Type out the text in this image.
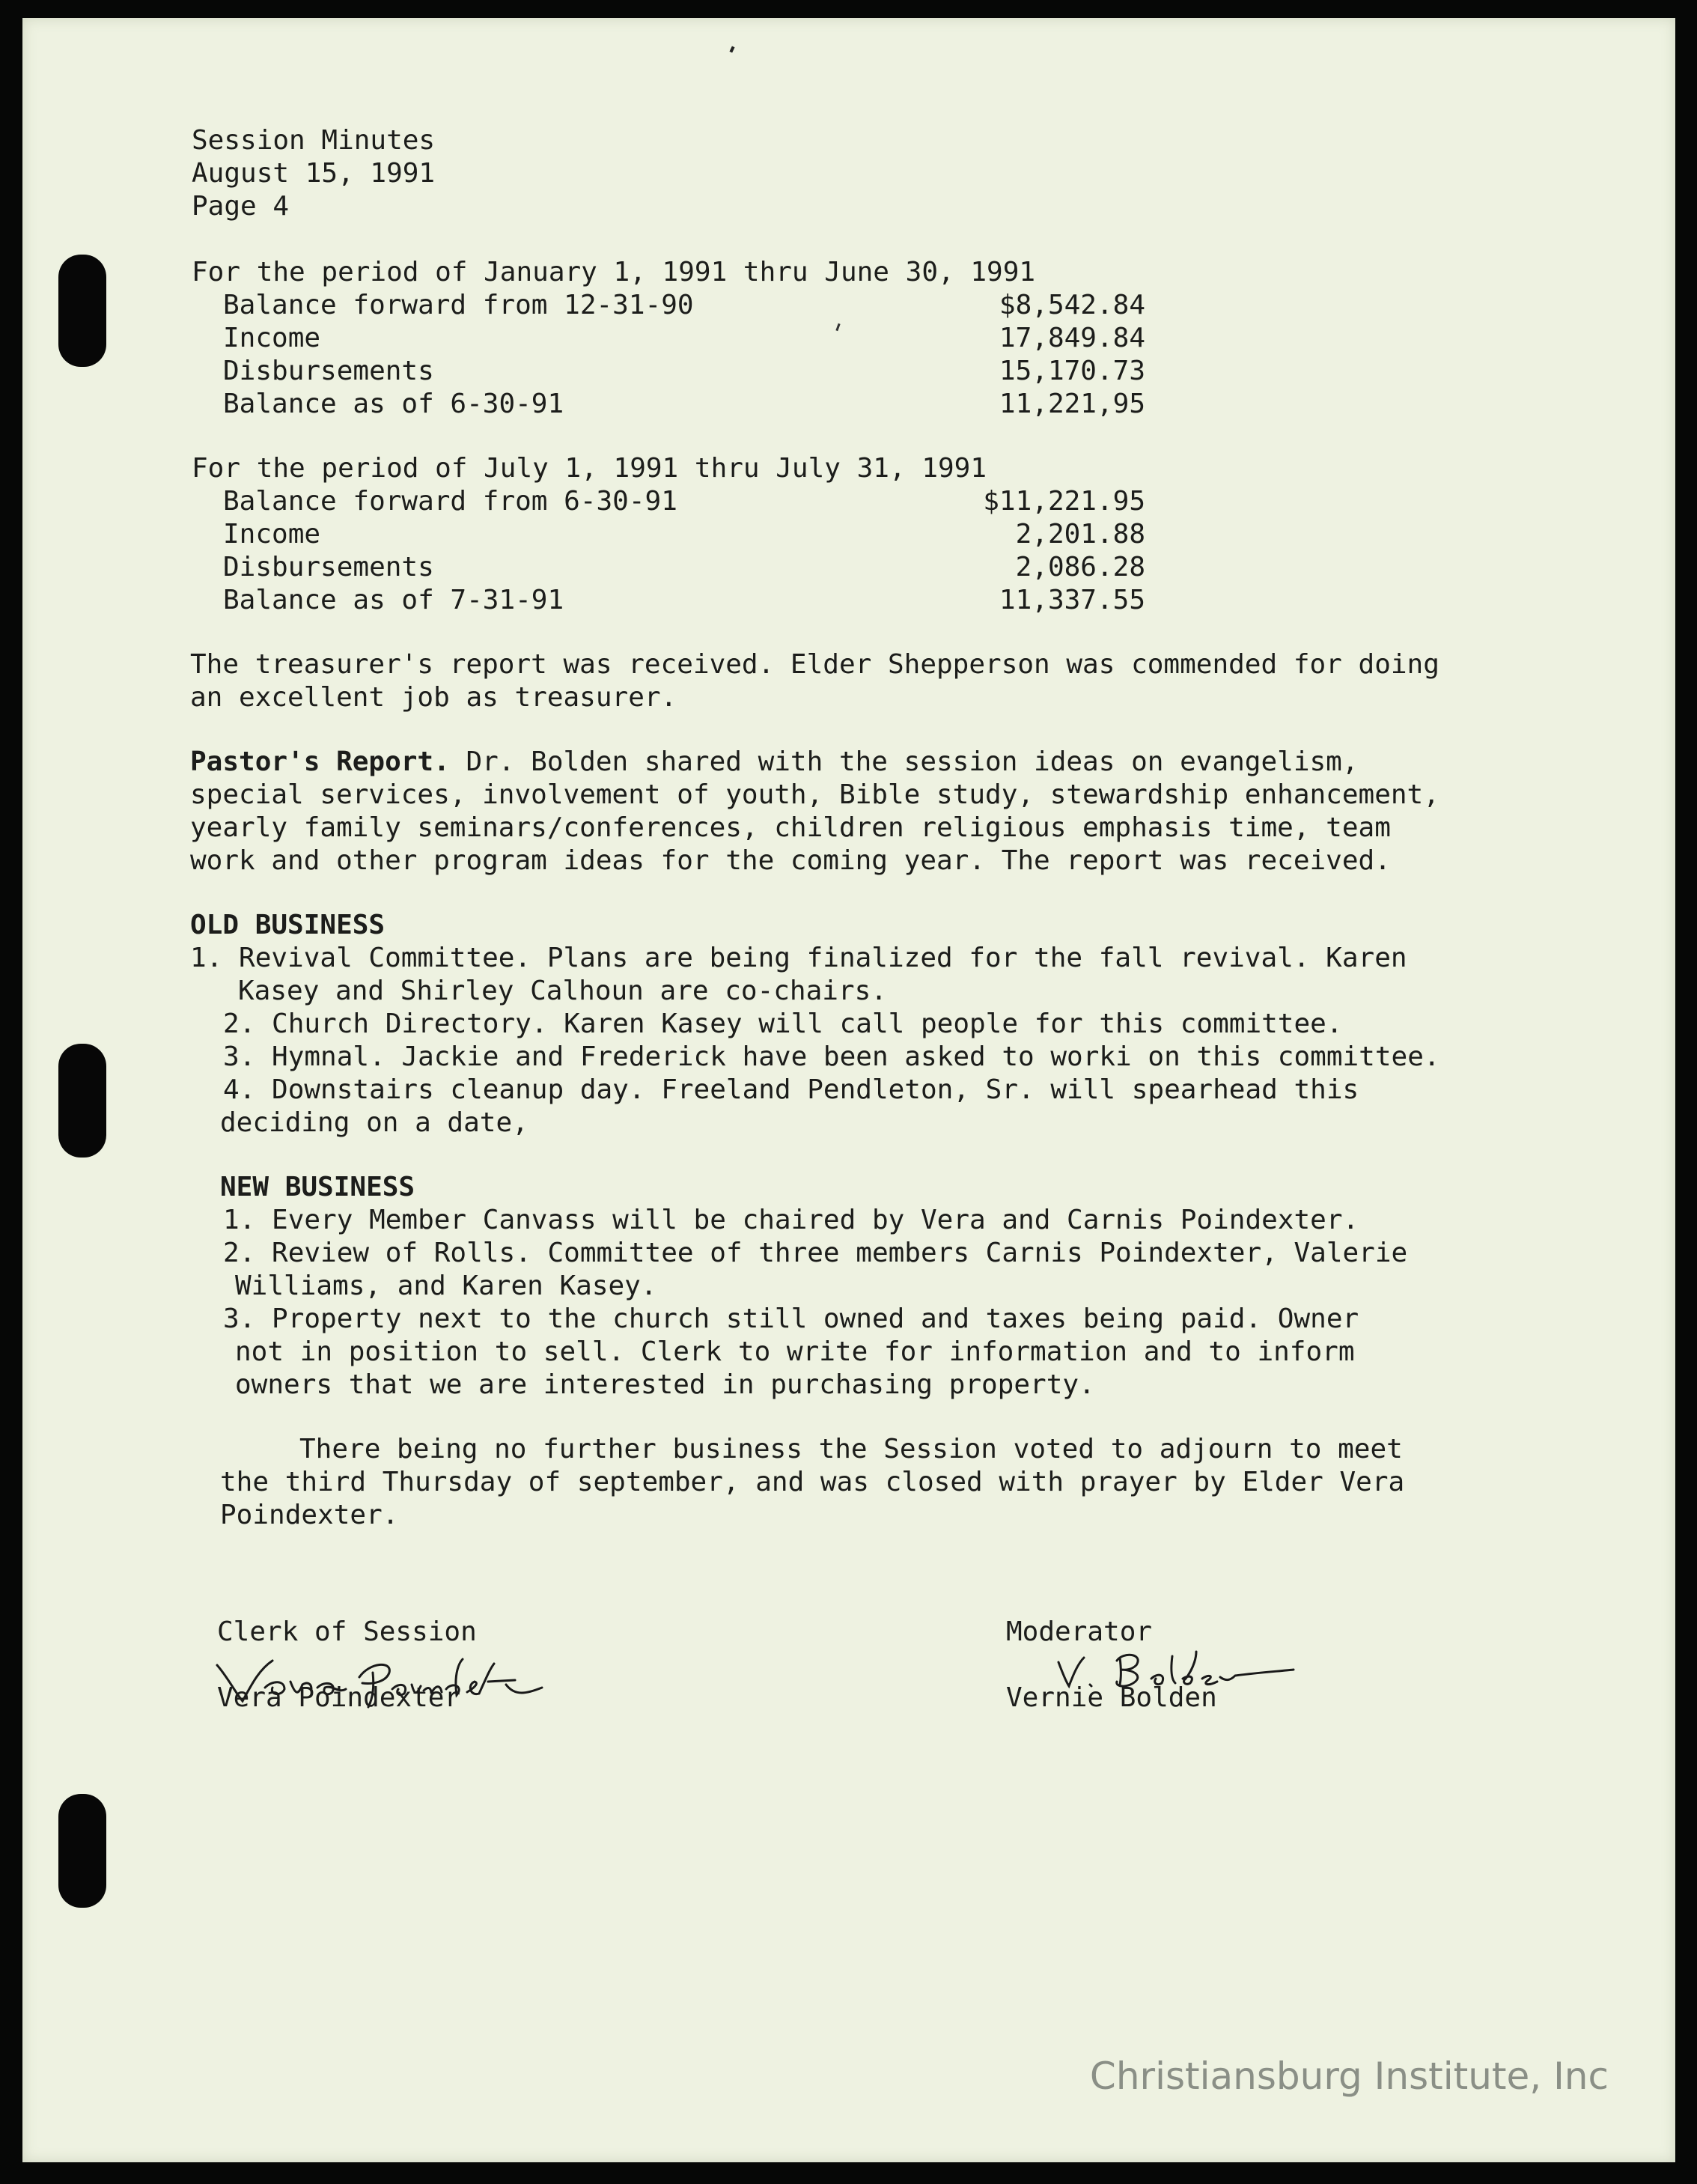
Session Minutes
August 15, 1991
Page 4
For the period of January 1, 1991 thru June 30, 1991
Balance forward from 12-31-90	$8,542.84
Income	17,849.84
Disbursements	15,170.73
Balance as of 6-30-91	11,221,95
For the period of July 1, 1991 thru July 31, 1991
Balance forward from 6-30-91	$11,221.95
Income	2,201.88
Disbursements	2,086.28
Balance as of 7-31-91	11,337.55
The treasurer's report was received. Elder Shepperson was commended for doing
an excellent job as treasurer.
Pastor's Report. Dr. Bolden shared with the session ideas on evangelism,
special services, involvement of youth, Bible study, stewardship enhancement,
yearly family seminars/conferences, children religious emphasis time, team
work and other program ideas for the coming year. The report was received.
OLD BUSINESS
1. Revival Committee. Plans are being finalized for the fall revival. Karen
Kasey and Shirley Calhoun are co-chairs.
2. Church Directory. Karen Kasey will call people for this committee.
3. Hymnal. Jackie and Frederick have been asked to worki on this committee.
4. Downstairs cleanup day. Freeland Pendleton, Sr. will spearhead this
deciding on a date,
NEW BUSINESS
1. Every Member Canvass will be chaired by Vera and Carnis Poindexter.
2. Review of Rolls. Committee of three members Carnis Poindexter, Valerie
Williams, and Karen Kasey.
3. Property next to the church still owned and taxes being paid. Owner
not in position to sell. Clerk to write for information and to inform
owners that we are interested in purchasing property.
There being no further business the Session voted to adjourn to meet
the third Thursday of september, and was closed with prayer by Elder Vera
Poindexter.
Clerk of Session
Vera Poindexter
Moderator
Vernie Bolden
Christiansburg Institute, Inc
